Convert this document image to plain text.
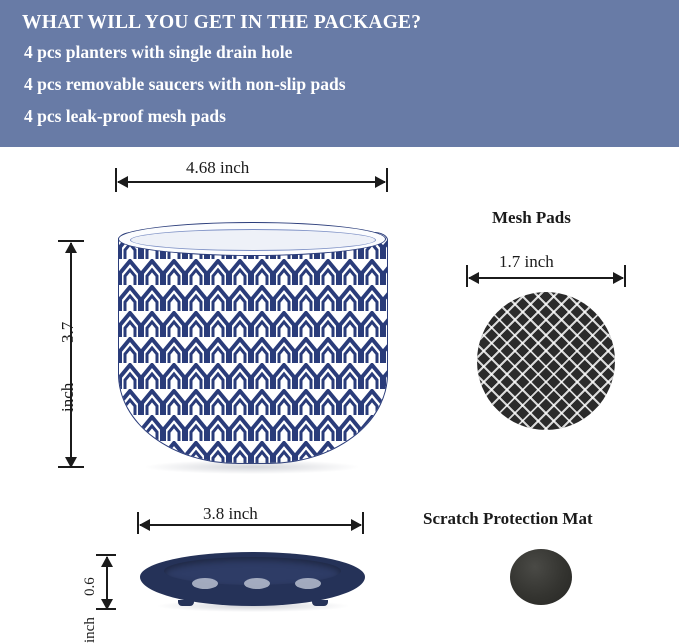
WHAT WILL YOU GET IN THE PACKAGE?
4 pcs planters with single drain hole
4 pcs removable saucers with non-slip pads
4 pcs leak-proof mesh pads
4.68 inch
3.7
inch
Mesh Pads
1.7 inch
3.8 inch
0.6
inch
Scratch Protection Mat
